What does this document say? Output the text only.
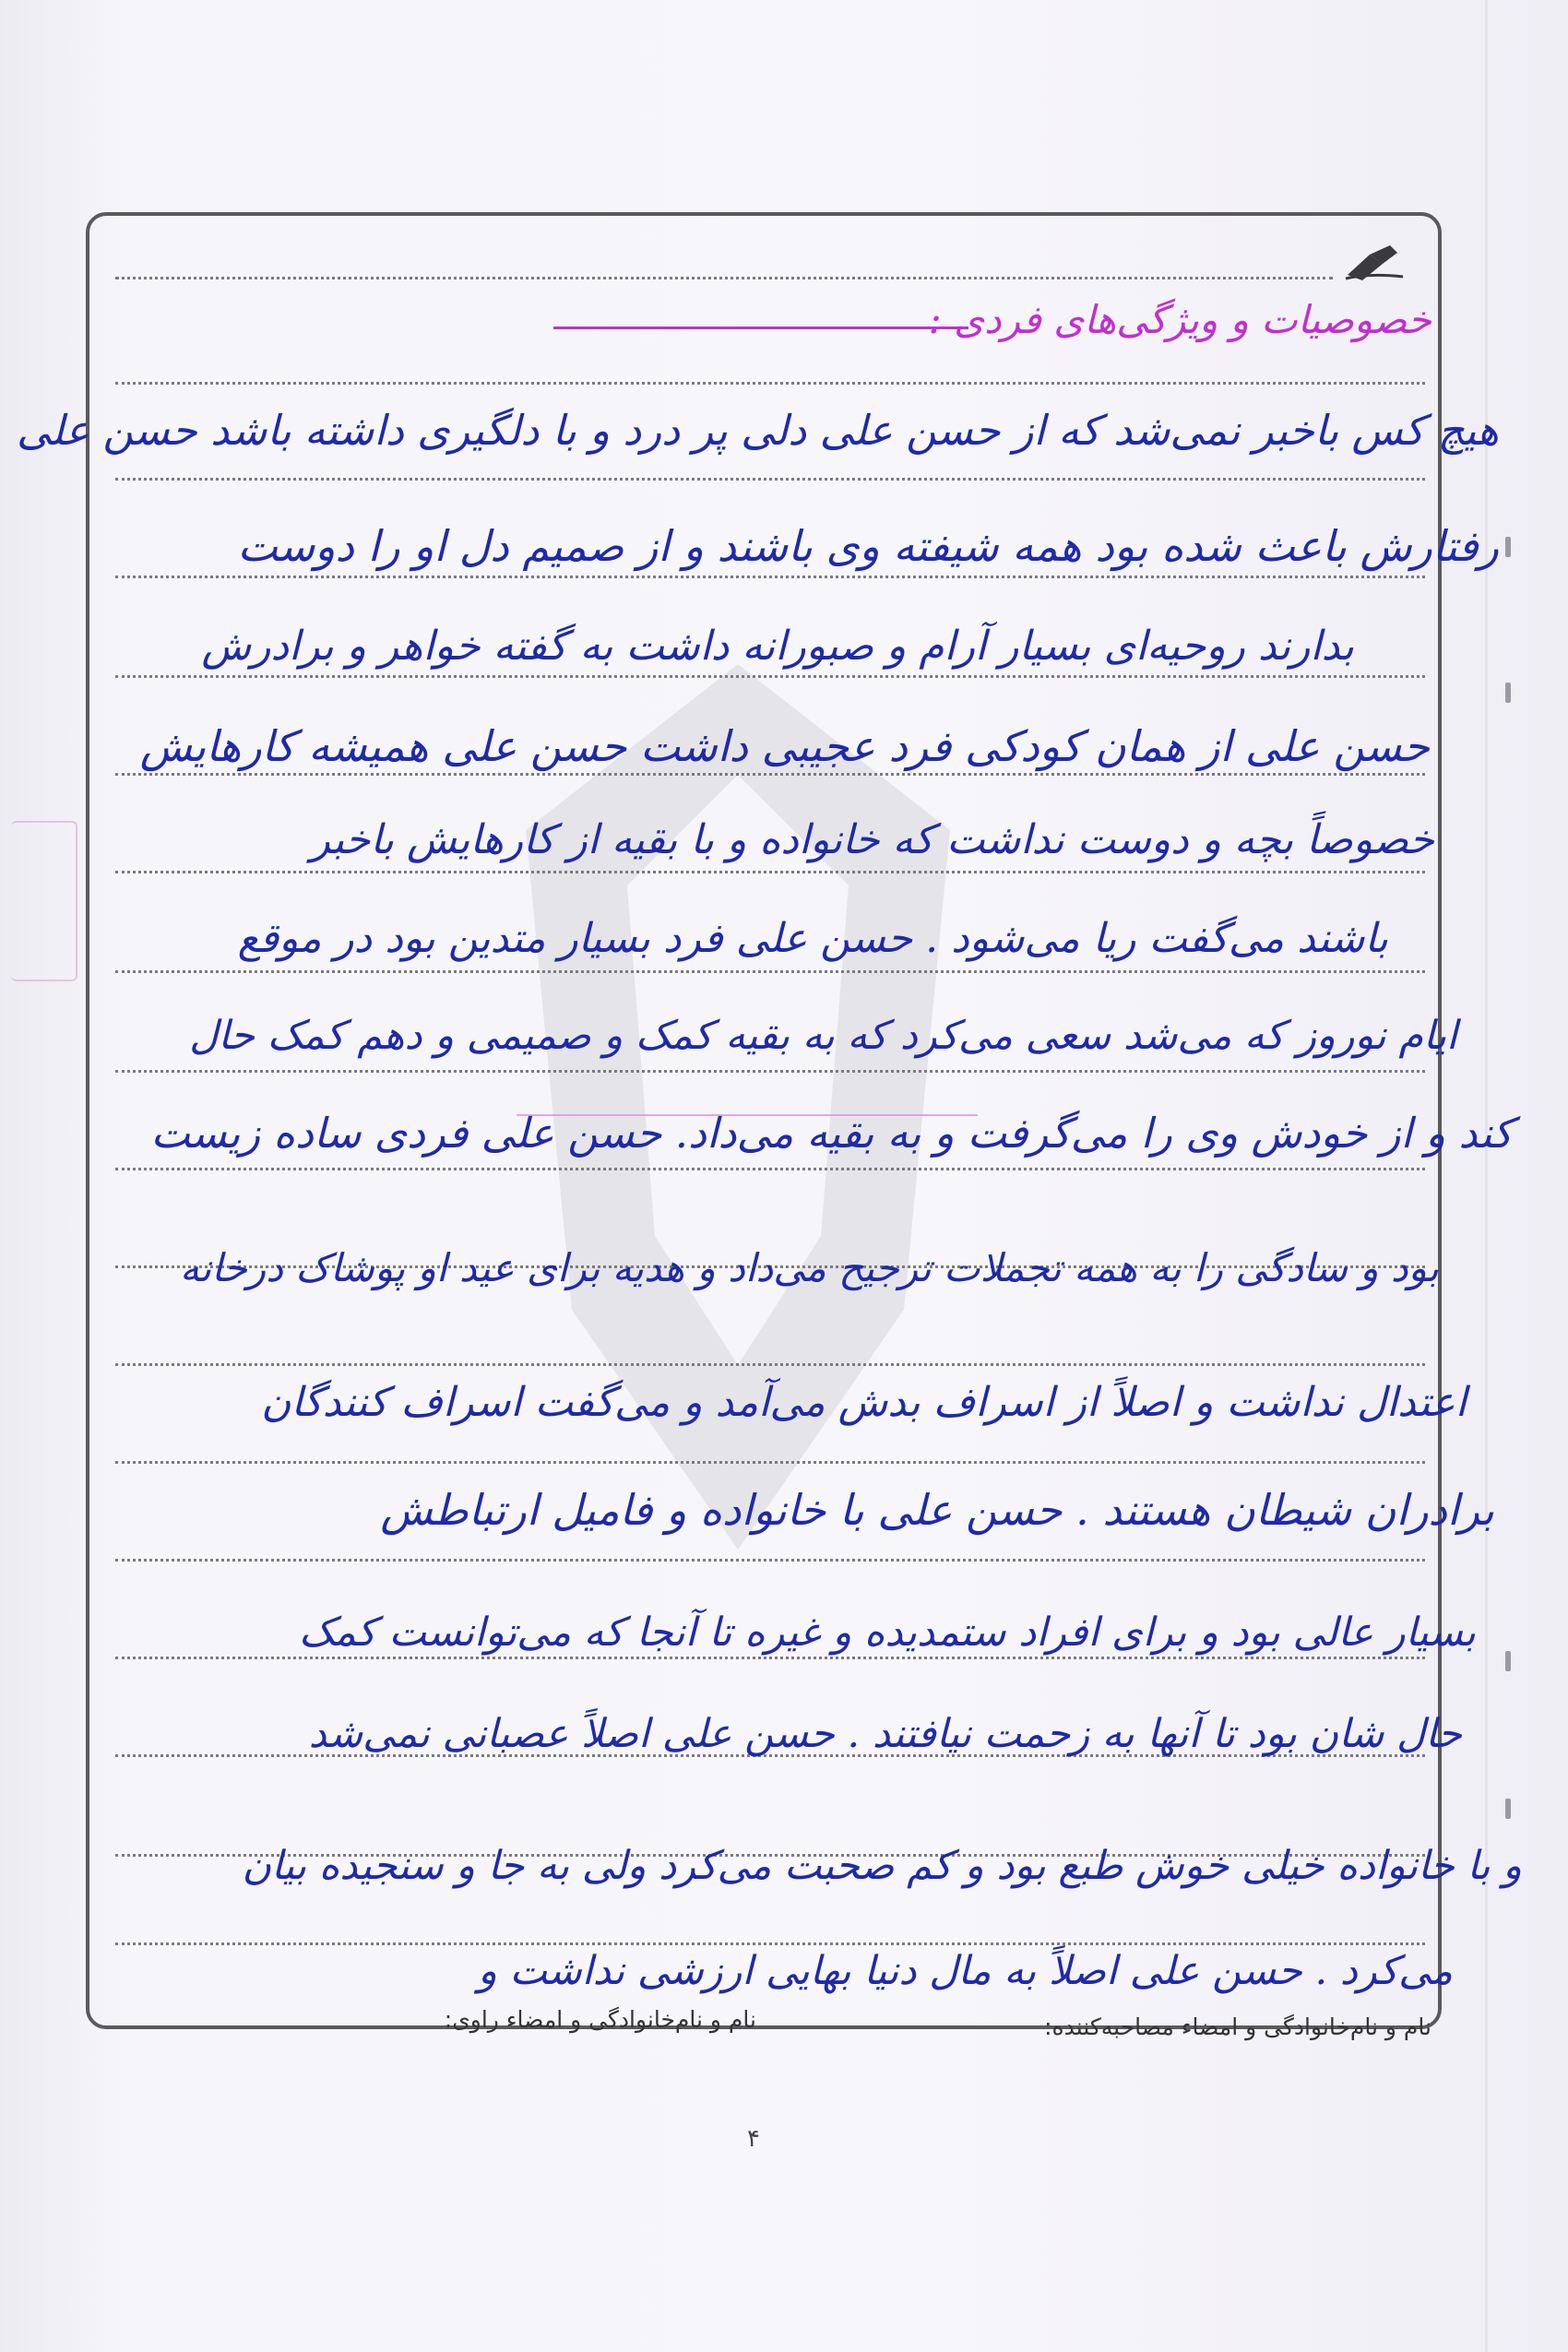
خصوصیات و ویژگی‌های فردی :
هیچ کس باخبر نمی‌شد که از حسن علی دلی پر درد و با دلگیری داشته باشد حسن علی
رفتارش باعث شده بود همه شیفته وی باشند و از صمیم دل او را دوست
بدارند روحیه‌ای بسیار آرام و صبورانه داشت به گفته خواهر و برادرش
حسن علی از همان کودکی فرد عجیبی داشت حسن علی همیشه کارهایش
خصوصاً بچه و دوست نداشت که خانواده و با بقیه از کارهایش باخبر
باشند می‌گفت ریا می‌شود . حسن علی فرد بسیار متدین بود در موقع
ایام نوروز که می‌شد سعی می‌کرد که به بقیه کمک و صمیمی و دهم کمک حال
کند و از خودش وی را می‌گرفت و به بقیه می‌داد. حسن علی فردی ساده زیست
بود و سادگی را به همه تجملات ترجیح می‌داد و هدیه برای عید او پوشاک درخانه
اعتدال نداشت و اصلاً از اسراف بدش می‌آمد و می‌گفت اسراف کنندگان
برادران شیطان هستند . حسن علی با خانواده و فامیل ارتباطش
بسیار عالی بود و برای افراد ستمدیده و غیره تا آنجا که می‌توانست کمک
حال شان بود تا آنها به زحمت نیافتند . حسن علی اصلاً عصبانی نمی‌شد
و با خانواده خیلی خوش طبع بود و کم صحبت می‌کرد ولی به جا و سنجیده بیان
می‌کرد . حسن علی اصلاً به مال دنیا بهایی ارزشی نداشت و
نام و نام‌خانوادگی و امضاء مصاحبه‌کننده:
نام و نام‌خانوادگی و امضاء راوی:
۴
